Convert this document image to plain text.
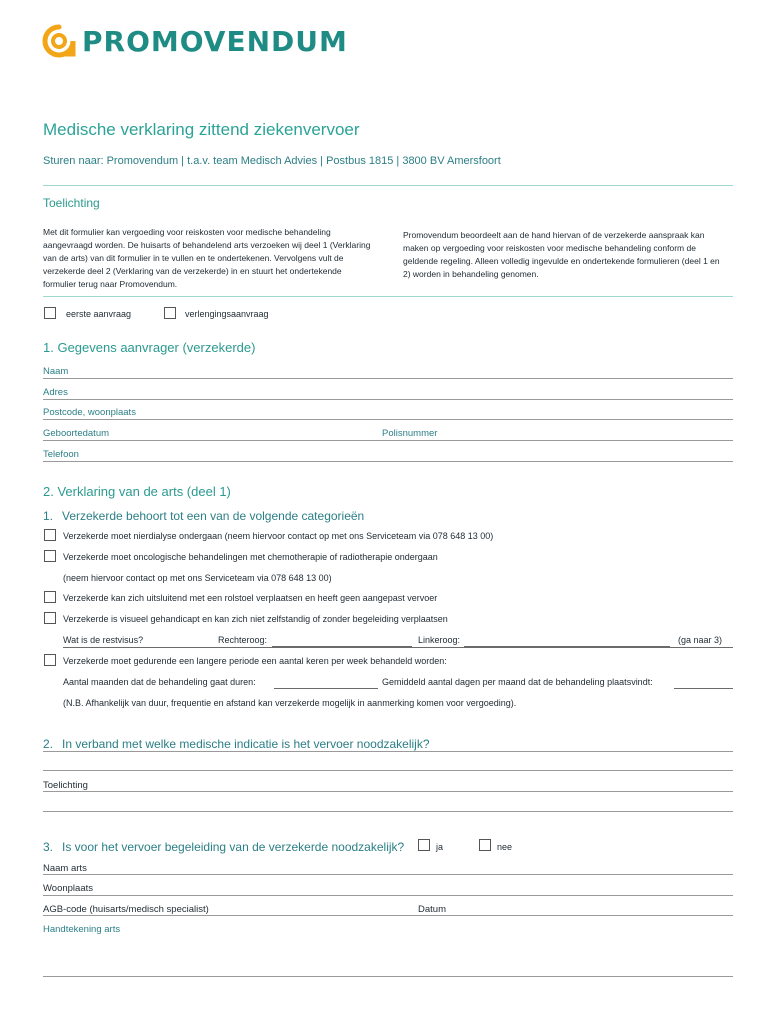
PROMOVENDUM
Medische verklaring zittend ziekenvervoer
Sturen naar: Promovendum | t.a.v. team Medisch Advies | Postbus 1815 | 3800 BV Amersfoort
Toelichting
Met dit formulier kan vergoeding voor reiskosten voor medische behandeling aangevraagd worden. De huisarts of behandelend arts verzoeken wij deel 1 (Verklaring van de arts) van dit formulier in te vullen en te ondertekenen. Vervolgens vult de verzekerde deel 2 (Verklaring van de verzekerde) in en stuurt het ondertekende formulier terug naar Promovendum.
Promovendum beoordeelt aan de hand hiervan of de verzekerde aanspraak kan maken op vergoeding voor reiskosten voor medische behandeling conform de geldende regeling. Alleen volledig ingevulde en ondertekende formulieren (deel 1 en 2) worden in behandeling genomen.
eerste aanvraag	verlengingsaanvraag
1. Gegevens aanvrager (verzekerde)
Naam
Adres
Postcode, woonplaats
Geboortedatum	Polisnummer
Telefoon
2. Verklaring van de arts (deel 1)
1. Verzekerde behoort tot een van de volgende categorieën
Verzekerde moet nierdialyse ondergaan (neem hiervoor contact op met ons Serviceteam via 078 648 13 00)
Verzekerde moet oncologische behandelingen met chemotherapie of radiotherapie ondergaan
(neem hiervoor contact op met ons Serviceteam via 078 648 13 00)
Verzekerde kan zich uitsluitend met een rolstoel verplaatsen en heeft geen aangepast vervoer
Verzekerde is visueel gehandicapt en kan zich niet zelfstandig of zonder begeleiding verplaatsen
Wat is de restvisus?	Rechteroog:	Linkeroog:	(ga naar 3)
Verzekerde moet gedurende een langere periode een aantal keren per week behandeld worden:
Aantal maanden dat de behandeling gaat duren:	Gemiddeld aantal dagen per maand dat de behandeling plaatsvindt:
(N.B. Afhankelijk van duur, frequentie en afstand kan verzekerde mogelijk in aanmerking komen voor vergoeding).
2. In verband met welke medische indicatie is het vervoer noodzakelijk?
Toelichting
3. Is voor het vervoer begeleiding van de verzekerde noodzakelijk?	ja	nee
Naam arts
Woonplaats
AGB-code (huisarts/medisch specialist)	Datum
Handtekening arts
